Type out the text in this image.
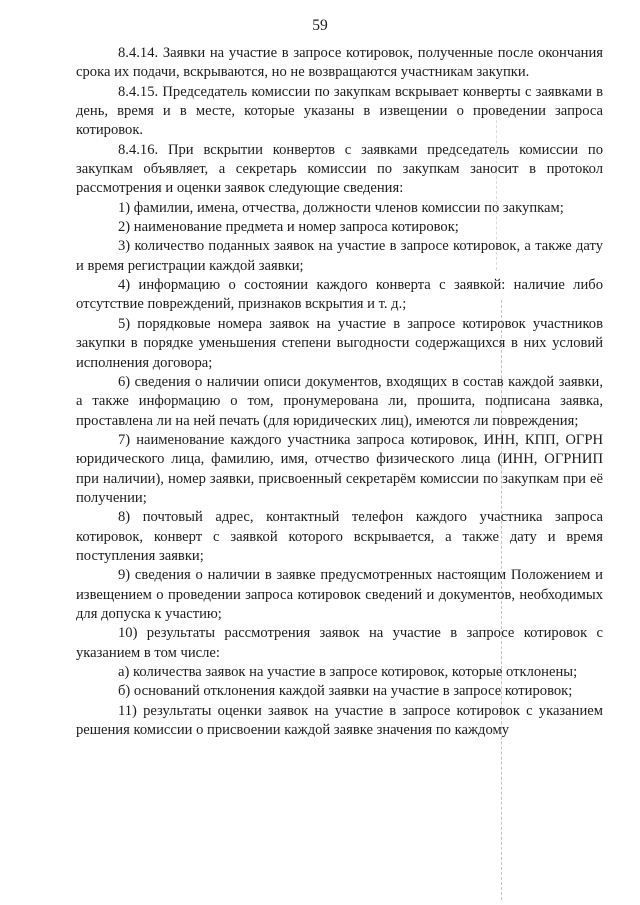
59

8.4.14. Заявки на участие в запросе котировок, полученные после окончания срока их подачи, вскрываются, но не возвращаются участникам закупки.

8.4.15. Председатель комиссии по закупкам вскрывает конверты с заявками в день, время и в месте, которые указаны в извещении о проведении запроса котировок.

8.4.16. При вскрытии конвертов с заявками председатель комиссии по закупкам объявляет, а секретарь комиссии по закупкам заносит в протокол рассмотрения и оценки заявок следующие сведения:

1) фамилии, имена, отчества, должности членов комиссии по закупкам;

2) наименование предмета и номер запроса котировок;

3) количество поданных заявок на участие в запросе котировок, а также дату и время регистрации каждой заявки;

4) информацию о состоянии каждого конверта с заявкой: наличие либо отсутствие повреждений, признаков вскрытия и т. д.;

5) порядковые номера заявок на участие в запросе котировок участников закупки в порядке уменьшения степени выгодности содержащихся в них условий исполнения договора;

6) сведения о наличии описи документов, входящих в состав каждой заявки, а также информацию о том, пронумерована ли, прошита, подписана заявка, проставлена ли на ней печать (для юридических лиц), имеются ли повреждения;

7) наименование каждого участника запроса котировок, ИНН, КПП, ОГРН юридического лица, фамилию, имя, отчество физического лица (ИНН, ОГРНИП при наличии), номер заявки, присвоенный секретарём комиссии по закупкам при её получении;

8) почтовый адрес, контактный телефон каждого участника запроса котировок, конверт с заявкой которого вскрывается, а также дату и время поступления заявки;

9) сведения о наличии в заявке предусмотренных настоящим Положением и извещением о проведении запроса котировок сведений и документов, необходимых для допуска к участию;

10) результаты рассмотрения заявок на участие в запросе котировок с указанием в том числе:

а) количества заявок на участие в запросе котировок, которые отклонены;

б) оснований отклонения каждой заявки на участие в запросе котировок;

11) результаты оценки заявок на участие в запросе котировок с указанием решения комиссии о присвоении каждой заявке значения по каждому
